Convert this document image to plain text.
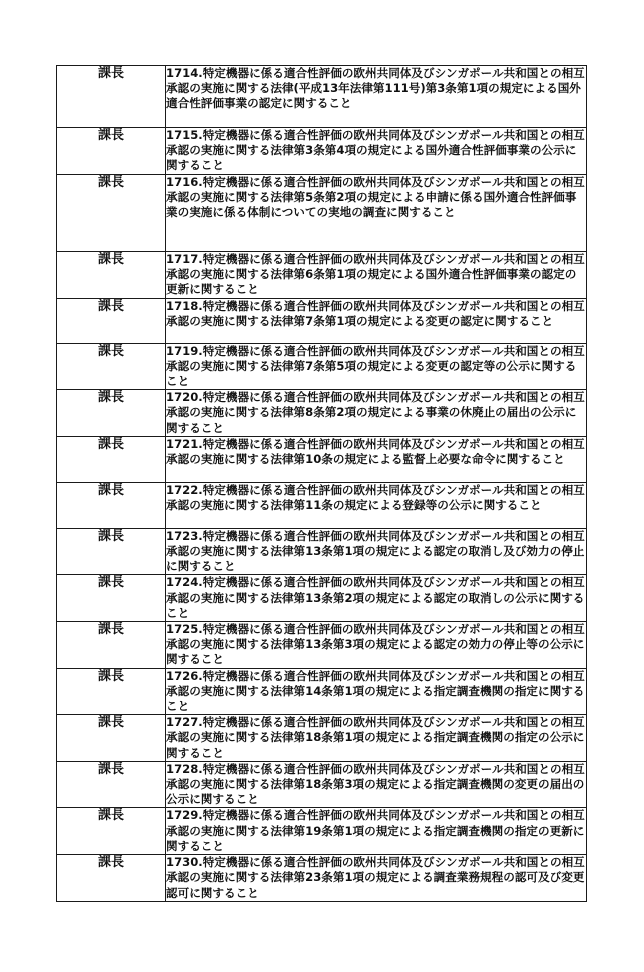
課長	1714.特定機器に係る適合性評価の欧州共同体及びシンガポール共和国との相互承認の実施に関する法律(平成13年法律第111号)第3条第1項の規定による国外適合性評価事業の認定に関すること

課長	1715.特定機器に係る適合性評価の欧州共同体及びシンガポール共和国との相互承認の実施に関する法律第3条第4項の規定による国外適合性評価事業の公示に関すること

課長	1716.特定機器に係る適合性評価の欧州共同体及びシンガポール共和国との相互承認の実施に関する法律第5条第2項の規定による申請に係る国外適合性評価事業の実施に係る体制についての実地の調査に関すること

課長	1717.特定機器に係る適合性評価の欧州共同体及びシンガポール共和国との相互承認の実施に関する法律第6条第1項の規定による国外適合性評価事業の認定の更新に関すること

課長	1718.特定機器に係る適合性評価の欧州共同体及びシンガポール共和国との相互承認の実施に関する法律第7条第1項の規定による変更の認定に関すること

課長	1719.特定機器に係る適合性評価の欧州共同体及びシンガポール共和国との相互承認の実施に関する法律第7条第5項の規定による変更の認定等の公示に関すること

課長	1720.特定機器に係る適合性評価の欧州共同体及びシンガポール共和国との相互承認の実施に関する法律第8条第2項の規定による事業の休廃止の届出の公示に関すること

課長	1721.特定機器に係る適合性評価の欧州共同体及びシンガポール共和国との相互承認の実施に関する法律第10条の規定による監督上必要な命令に関すること

課長	1722.特定機器に係る適合性評価の欧州共同体及びシンガポール共和国との相互承認の実施に関する法律第11条の規定による登録等の公示に関すること

課長	1723.特定機器に係る適合性評価の欧州共同体及びシンガポール共和国との相互承認の実施に関する法律第13条第1項の規定による認定の取消し及び効力の停止に関すること

課長	1724.特定機器に係る適合性評価の欧州共同体及びシンガポール共和国との相互承認の実施に関する法律第13条第2項の規定による認定の取消しの公示に関すること

課長	1725.特定機器に係る適合性評価の欧州共同体及びシンガポール共和国との相互承認の実施に関する法律第13条第3項の規定による認定の効力の停止等の公示に関すること

課長	1726.特定機器に係る適合性評価の欧州共同体及びシンガポール共和国との相互承認の実施に関する法律第14条第1項の規定による指定調査機関の指定に関すること

課長	1727.特定機器に係る適合性評価の欧州共同体及びシンガポール共和国との相互承認の実施に関する法律第18条第1項の規定による指定調査機関の指定の公示に関すること

課長	1728.特定機器に係る適合性評価の欧州共同体及びシンガポール共和国との相互承認の実施に関する法律第18条第3項の規定による指定調査機関の変更の届出の公示に関すること

課長	1729.特定機器に係る適合性評価の欧州共同体及びシンガポール共和国との相互承認の実施に関する法律第19条第1項の規定による指定調査機関の指定の更新に関すること

課長	1730.特定機器に係る適合性評価の欧州共同体及びシンガポール共和国との相互承認の実施に関する法律第23条第1項の規定による調査業務規程の認可及び変更認可に関すること
